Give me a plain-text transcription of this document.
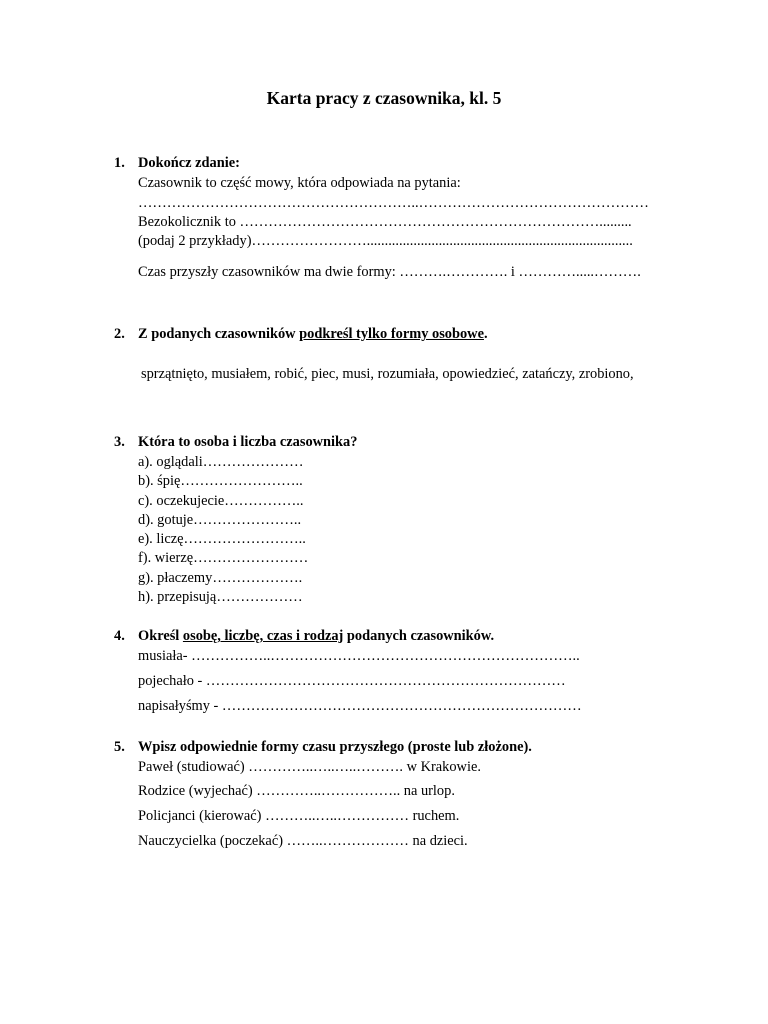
Karta pracy z czasownika, kl. 5
1. Dokończ zdanie:
Czasownik to część mowy, która odpowiada na pytania:
…………………………………………………..…………………………………………
Bezokolicznik to ………………………………………………………………….........
(podaj 2 przykłady)……………………..........................................................................
Czas przyszły czasowników ma dwie formy: ……….…………. i ………….....……….
2. Z podanych czasowników podkreśl tylko formy osobowe.
sprzątnięto, musiałem, robić, piec, musi, rozumiała, opowiedzieć, zatańczy, zrobiono,
3. Która to osoba i liczba czasownika?
a). oglądali…………………
b). śpię……………………..
c). oczekujecie……………..
d). gotuje…………………..
e). liczę……………………..
f). wierzę……………………
g). płaczemy……………….
h). przepisują………………
4. Określ osobę, liczbę, czas i rodzaj podanych czasowników.
musiała- ……………..………………………………………………………..
pojechało - …………………………………………………………………
napisałyśmy - …………………………………………………………………
5. Wpisz odpowiednie formy czasu przyszłego (proste lub złożone).
Paweł (studiować) …………..…..…..………. w Krakowie.
Rodzice (wyjechać) …………..…………….. na urlop.
Policjanci (kierować) ………..…..…………… ruchem.
Nauczycielka (poczekać) ……..……………… na dzieci.
